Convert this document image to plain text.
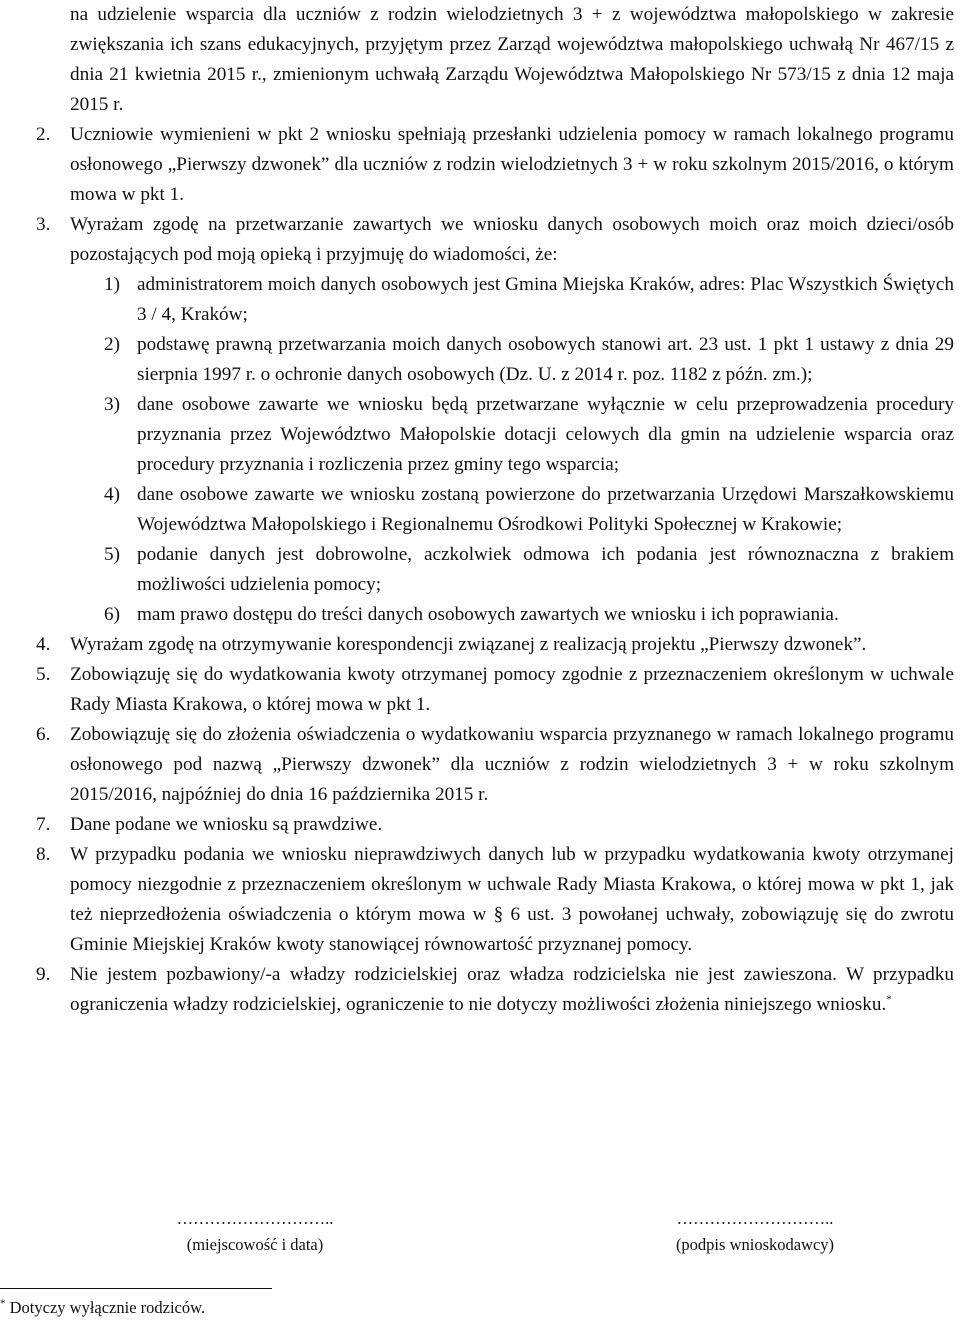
na udzielenie wsparcia dla uczniów z rodzin wielodzietnych 3 + z województwa małopolskiego w zakresie zwiększania ich szans edukacyjnych, przyjętym przez Zarząd województwa małopolskiego uchwałą Nr 467/15 z dnia 21 kwietnia 2015 r., zmienionym uchwałą Zarządu Województwa Małopolskiego Nr 573/15 z dnia 12 maja 2015 r.

2. Uczniowie wymienieni w pkt 2 wniosku spełniają przesłanki udzielenia pomocy w ramach lokalnego programu osłonowego „Pierwszy dzwonek” dla uczniów z rodzin wielodzietnych 3 + w roku szkolnym 2015/2016, o którym mowa w pkt 1.
3. Wyrażam zgodę na przetwarzanie zawartych we wniosku danych osobowych moich oraz moich dzieci/osób pozostających pod moją opieką i przyjmuję do wiadomości, że:
1) administratorem moich danych osobowych jest Gmina Miejska Kraków, adres: Plac Wszystkich Świętych 3 / 4, Kraków;
2) podstawę prawną przetwarzania moich danych osobowych stanowi art. 23 ust. 1 pkt 1 ustawy z dnia 29 sierpnia 1997 r. o ochronie danych osobowych (Dz. U. z 2014 r. poz. 1182 z późn. zm.);
3) dane osobowe zawarte we wniosku będą przetwarzane wyłącznie w celu przeprowadzenia procedury przyznania przez Województwo Małopolskie dotacji celowych dla gmin na udzielenie wsparcia oraz procedury przyznania i rozliczenia przez gminy tego wsparcia;
4) dane osobowe zawarte we wniosku zostaną powierzone do przetwarzania Urzędowi Marszałkowskiemu Województwa Małopolskiego i Regionalnemu Ośrodkowi Polityki Społecznej w Krakowie;
5) podanie danych jest dobrowolne, aczkolwiek odmowa ich podania jest równoznaczna z brakiem możliwości udzielenia pomocy;
6) mam prawo dostępu do treści danych osobowych zawartych we wniosku i ich poprawiania.
4. Wyrażam zgodę na otrzymywanie korespondencji związanej z realizacją projektu „Pierwszy dzwonek”.
5. Zobowiązuję się do wydatkowania kwoty otrzymanej pomocy zgodnie z przeznaczeniem określonym w uchwale Rady Miasta Krakowa, o której mowa w pkt 1.
6. Zobowiązuję się do złożenia oświadczenia o wydatkowaniu wsparcia przyznanego w ramach lokalnego programu osłonowego pod nazwą „Pierwszy dzwonek” dla uczniów z rodzin wielodzietnych 3 + w roku szkolnym 2015/2016, najpóźniej do dnia 16 października 2015 r.
7. Dane podane we wniosku są prawdziwe.
8. W przypadku podania we wniosku nieprawdziwych danych lub w przypadku wydatkowania kwoty otrzymanej pomocy niezgodnie z przeznaczeniem określonym w uchwale Rady Miasta Krakowa, o której mowa w pkt 1, jak też nieprzedłożenia oświadczenia o którym mowa w § 6 ust. 3 powołanej uchwały, zobowiązuję się do zwrotu Gminie Miejskiej Kraków kwoty stanowiącej równowartość przyznanej pomocy.
9. Nie jestem pozbawiony/-a władzy rodzicielskiej oraz władza rodzicielska nie jest zawieszona. W przypadku ograniczenia władzy rodzicielskiej, ograniczenie to nie dotyczy możliwości złożenia niniejszego wniosku.*
………………………..
(miejscowość i data)
………………………..
(podpis wnioskodawcy)
* Dotyczy wyłącznie rodziców.
